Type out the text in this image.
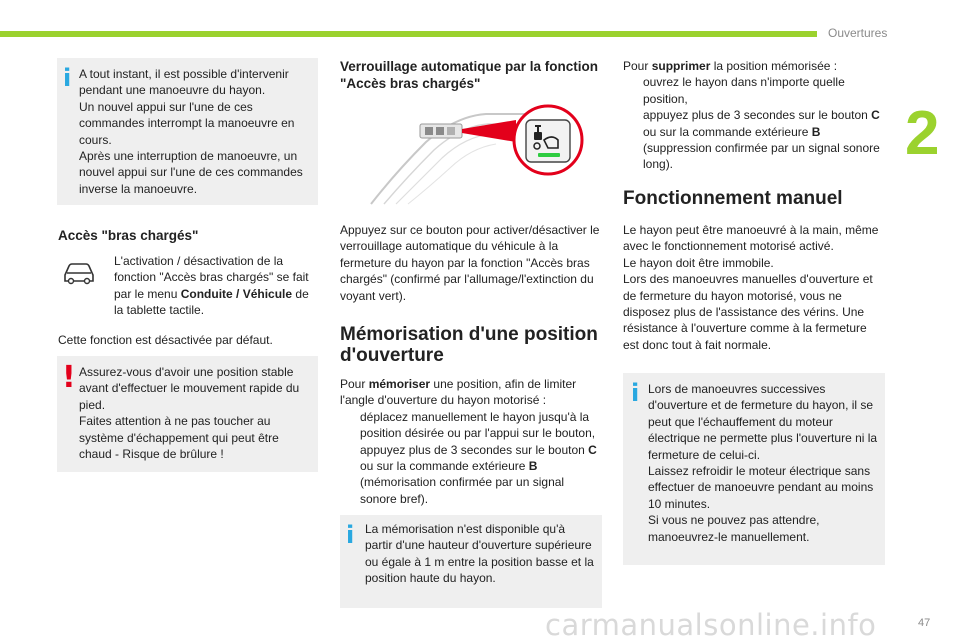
Ouvertures
2
carmanualsonline.info	47
i A tout instant, il est possible d'intervenir pendant une manoeuvre du hayon.

Un nouvel appui sur l'une de ces commandes interrompt la manoeuvre en cours.

Après une interruption de manoeuvre, un nouvel appui sur l'une de ces commandes inverse la manoeuvre.

Accès "bras chargés"
L'activation / désactivation de la fonction "Accès bras chargés" se fait par le menu Conduite / Véhicule de la tablette tactile.
Cette fonction est désactivée par défaut.
! Assurez-vous d'avoir une position stable avant d'effectuer le mouvement rapide du pied.

Faites attention à ne pas toucher au système d'échappement qui peut être chaud - Risque de brûlure !

Verrouillage automatique par la fonction "Accès bras chargés"
Appuyez sur ce bouton pour activer/désactiver le verrouillage automatique du véhicule à la fermeture du hayon par la fonction "Accès bras chargés" (confirmé par l'allumage/l'extinction du voyant vert).
Mémorisation d'une position d'ouverture

Pour mémoriser une position, afin de limiter l'angle d'ouverture du hayon motorisé :

déplacez manuellement le hayon jusqu'à la position désirée ou par l'appui sur le bouton,

appuyez plus de 3 secondes sur le bouton C ou sur la commande extérieure B (mémorisation confirmée par un signal sonore bref).

i La mémorisation n'est disponible qu'à partir d'une hauteur d'ouverture supérieure ou égale à 1 m entre la position basse et la position haute du hayon.

Pour supprimer la position mémorisée :

ouvrez le hayon dans n'importe quelle position,

appuyez plus de 3 secondes sur le bouton C ou sur la commande extérieure B (suppression confirmée par un signal sonore long).

Fonctionnement manuel

Le hayon peut être manoeuvré à la main, même avec le fonctionnement motorisé activé.

Le hayon doit être immobile.

Lors des manoeuvres manuelles d'ouverture et de fermeture du hayon motorisé, vous ne disposez plus de l'assistance des vérins. Une résistance à l'ouverture comme à la fermeture est donc tout à fait normale.

i Lors de manoeuvres successives d'ouverture et de fermeture du hayon, il se peut que l'échauffement du moteur électrique ne permette plus l'ouverture ni la fermeture de celui-ci.

Laissez refroidir le moteur électrique sans effectuer de manoeuvre pendant au moins 10 minutes.

Si vous ne pouvez pas attendre, manoeuvrez-le manuellement.
